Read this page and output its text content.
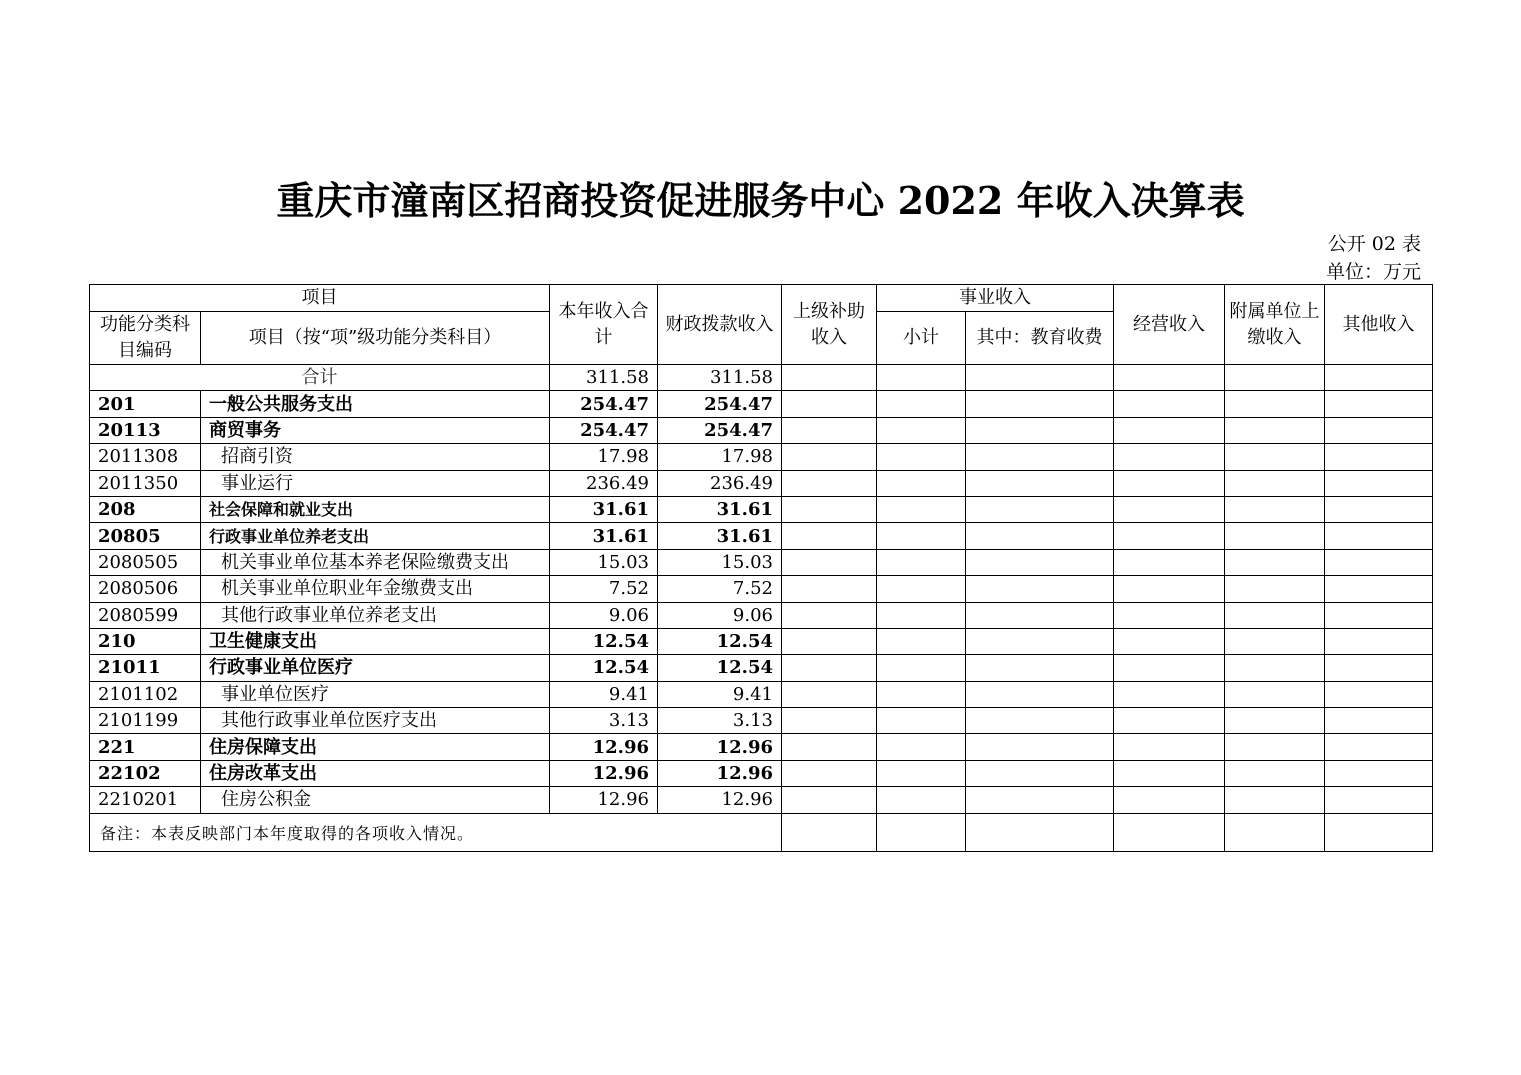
重庆市潼南区招商投资促进服务中心 2022 年收入决算表
公开 02 表
单位：万元
项目		本年收入合计	财政拨款收入	上级补助收入	事业收入		经营收入	附属单位上缴收入	其他收入
功能分类科目编码	项目（按“项”级功能分类科目）				小计	其中：教育收费			
合计		311.58	311.58						
201	一般公共服务支出	254.47	254.47						
20113	商贸事务	254.47	254.47						
2011308	招商引资	17.98	17.98						
2011350	事业运行	236.49	236.49						
208	社会保障和就业支出	31.61	31.61						
20805	行政事业单位养老支出	31.61	31.61						
2080505	机关事业单位基本养老保险缴费支出	15.03	15.03						
2080506	机关事业单位职业年金缴费支出	7.52	7.52						
2080599	其他行政事业单位养老支出	9.06	9.06						
210	卫生健康支出	12.54	12.54						
21011	行政事业单位医疗	12.54	12.54						
2101102	事业单位医疗	9.41	9.41						
2101199	其他行政事业单位医疗支出	3.13	3.13						
221	住房保障支出	12.96	12.96						
22102	住房改革支出	12.96	12.96						
2210201	住房公积金	12.96	12.96						
备注：本表反映部门本年度取得的各项收入情况。									
